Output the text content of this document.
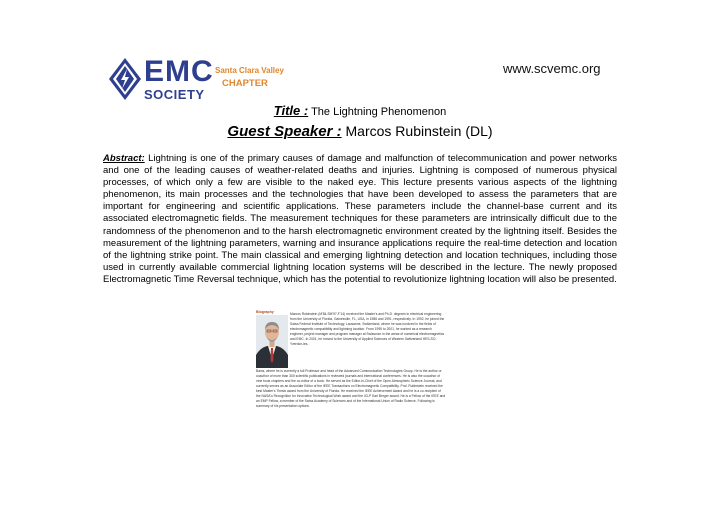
www.scvemc.org
EMC
SOCIETY
Santa Clara Valley
CHAPTER
Title : The Lightning Phenomenon
Guest Speaker : Marcos Rubinstein (DL)
Abstract: Lightning is one of the primary causes of damage and malfunction of telecommunication and power networks and one of the leading causes of weather-related deaths and injuries. Lightning is composed of numerous physical processes, of which only a few are visible to the naked eye. This lecture presents various aspects of the lightning phenomenon, its main processes and the technologies that have been developed to assess the parameters that are important for engineering and scientific applications. These parameters include the channel-base current and its associated electromagnetic fields. The measurement techniques for these parameters are intrinsically difficult due to the randomness of the phenomenon and to the harsh electromagnetic environment created by the lightning itself. Besides the measurement of the lightning parameters, warning and insurance applications require the real-time detection and location of the lightning strike point. The main classical and emerging lightning detection and location techniques, including those used in currently available commercial lightning location systems will be described in the lecture. The newly proposed Electromagnetic Time Reversal technique, which has the potential to revolutionize lightning location will also be presented.
Biography	Marcos Rubinstein (M'84-SM'97-F'14) received the Master's and Ph.D. degrees in electrical engineering from the University of Florida, Gainesville, FL, USA, in 1986 and 1991, respectively. In 1992, he joined the Swiss Federal Institute of Technology, Lausanne, Switzerland, where he was involved in the fields of electromagnetic compatibility and lightning location. From 1995 to 2001, he worked as a research engineer, project manager and program manager at Swisscom in the areas of numerical electromagnetics and EMC. In 2001, he moved to the University of Applied Sciences of Western Switzerland HES-SO, Yverdon-les-
Bains, where he is currently a full Professor and head of the Advanced Communication Technologies Group. He is the author or coauthor of more than 300 scientific publications in reviewed journals and international conferences. He is also the coauthor of nine book chapters and the co-editor of a book. He served as the Editor-in-Chief of the Open Atmospheric Science Journal, and currently serves as an Associate Editor of the IEEE Transactions on Electromagnetic Compatibility. Prof. Rubinstein received the best Master's Thesis award from the University of Florida. He received the IEEE Achievement Award and he is a co-recipient of the NASA's Recognition for Innovative Technological Work award and the ICLP Karl Berger award. He is a Fellow of the IEEE and an EMP Fellow, a member of the Swiss Academy of Sciences and of the International Union of Radio Science. Following is summary of his presentation options.
